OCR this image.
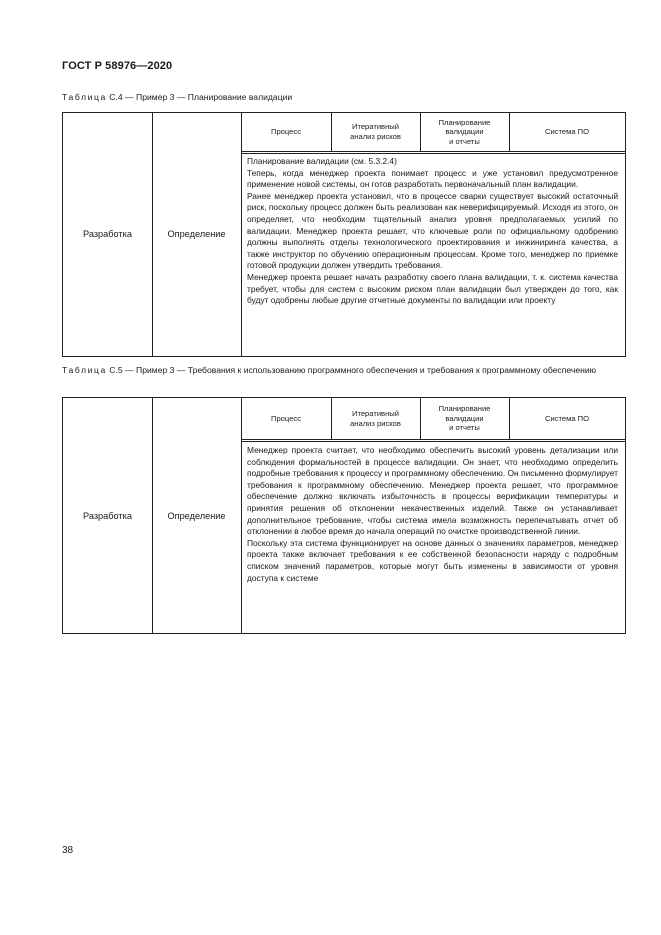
ГОСТ Р 58976—2020
Таблица С.4 — Пример 3 — Планирование валидации
Разработка	Определение
Процесс
Итеративный
анализ рисков
Планирование
валидации
и отчеты
Система ПО

Планирование валидации (см. 5.3.2.4)

Теперь, когда менеджер проекта понимает процесс и уже установил предусмотренное применение новой системы, он готов разработать первоначальный план валидации.

Ранее менеджер проекта установил, что в процессе сварки существует высокий остаточный риск, поскольку процесс должен быть реализован как неверифицируемый. Исходя из этого, он определяет, что необходим тщательный анализ уровня предполагаемых усилий по валидации. Менеджер проекта решает, что ключевые роли по официальному одобрению должны выполнять отделы технологического проектирования и инжиниринга качества, а также инструктор по обучению операционным процессам. Кроме того, менеджер по приемке готовой продукции должен утвердить требования.

Менеджер проекта решает начать разработку своего плана валидации, т. к. система качества требует, чтобы для систем с высоким риском план валидации был утвержден до того, как будут одобрены любые другие отчетные документы по валидации или проекту

Таблица С.5 — Пример 3 — Требования к использованию программного обеспечения и требования к программному обеспечению
Разработка	Определение
Процесс
Итеративный
анализ рисков
Планирование
валидации
и отчеты
Система ПО

Менеджер проекта считает, что необходимо обеспечить высокий уровень детализации или соблюдения формальностей в процессе валидации. Он знает, что необходимо определить подробные требования к процессу и программному обеспечению. Он письменно формулирует требования к программному обеспечению. Менеджер проекта решает, что программное обеспечение должно включать избыточность в процессы верификации температуры и принятия решения об отклонении некачественных изделий. Также он устанавливает дополнительное требование, чтобы система имела возможность перепечатывать отчет об отклонении в любое время до начала операций по очистке производственной линии.

Поскольку эта система функционирует на основе данных о значениях параметров, менеджер проекта также включает требования к ее собственной безопасности наряду с подробным списком значений параметров, которые могут быть изменены в зависимости от уровня доступа к системе

38
